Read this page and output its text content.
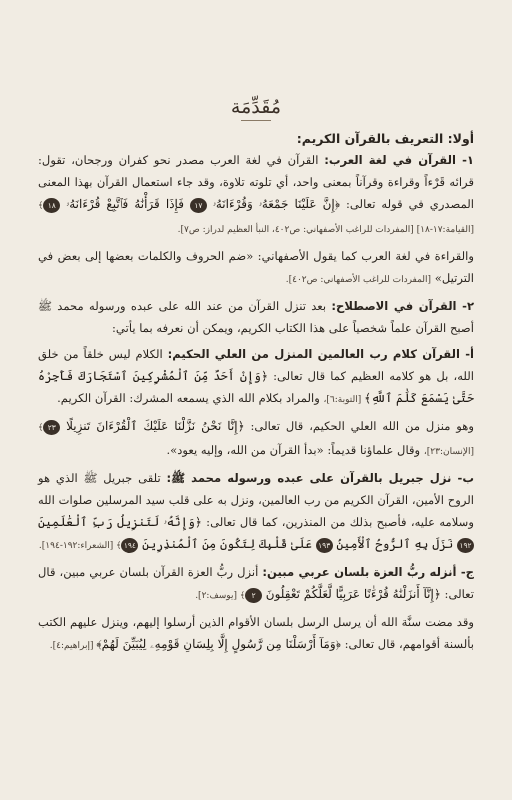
مُقَدِّمَة
أولا: التعريف بالقرآن الكريم:

١- القرآن في لغة العرب: القرآن في لغة العرب مصدر نحو كفران ورجحان، تقول: قرائه قَرْءاً وقراءة وقرآناً بمعنى واحد، أي تلوته تلاوة، وقد جاء استعمال القرآن بهذا المعنى المصدري في قوله تعالى: ﴿إِنَّ عَلَيْنَا جَمْعَهُۥ وَقُرْءَانَهُۥ ١٧ فَإِذَا قَرَأْنَٰهُ فَٱتَّبِعْ قُرْءَانَهُۥ ١٨﴾ [القيامة:١٧-١٨] [المفردات للراغب الأصفهاني: ص٤٠٢، النبأ العظيم لدراز: ص٧].

والقراءة في لغة العرب كما يقول الأصفهاني: «ضم الحروف والكلمات بعضها إلى بعض في الترتيل» [المفردات للراغب الأصفهاني: ص٤٠٢].

٢- القرآن في الاصطلاح: بعد تنزل القرآن من عند الله على عبده ورسوله محمد ﷺ أصبح القرآن علماً شخصياً على هذا الكتاب الكريم، ويمكن أن نعرفه بما يأتي:

أ- القرآن كلام رب العالمين المنزل من العلي الحكيم: الكلام ليس خلقاً من خلق الله، بل هو كلامه العظيم كما قال تعالى: ﴿وَإِنْ أَحَدٌ مِّنَ ٱلْمُشْرِكِينَ ٱسْتَجَارَكَ فَأَجِرْهُ حَتَّىٰ يَسْمَعَ كَلَٰمَ ٱللَّهِ﴾ [التوبة:٦]، والمراد بكلام الله الذي يسمعه المشرك: القرآن الكريم.

وهو منزل من الله العلي الحكيم، قال تعالى: ﴿إِنَّا نَحْنُ نَزَّلْنَا عَلَيْكَ ٱلْقُرْءَانَ تَنزِيلًا ٢٣﴾ [الإنسان:٢٣]، وقال علماؤنا قديماً: «بدأ القرآن من الله، وإليه يعود».

ب- نزل جبريل بالقرآن على عبده ورسوله محمد ﷺ: تلقى جبريل ﷺ الذي هو الروح الأمين، القرآن الكريم من رب العالمين، ونزل به على قلب سيد المرسلين صلوات الله وسلامه عليه، فأصبح بذلك من المنذرين، كما قال تعالى: ﴿وَإِنَّهُۥ لَتَنزِيلُ رَبِّ ٱلْعَٰلَمِينَ ١٩٢ نَزَلَ بِهِ ٱلرُّوحُ ٱلْأَمِينُ ١٩٣ عَلَىٰ قَلْبِكَ لِتَكُونَ مِنَ ٱلْمُنذِرِينَ ١٩٤﴾ [الشعراء:١٩٢-١٩٤].

ج- أنزله ربُّ العزة بلسان عربي مبين: أنزل ربُّ العزة القرآن بلسان عربي مبين، قال تعالى: ﴿إِنَّآ أَنزَلْنَٰهُ قُرْءَٰنًا عَرَبِيًّا لَّعَلَّكُمْ تَعْقِلُونَ ٢﴾ [يوسف:٢].

وقد مضت سنَّة الله أن يرسل الرسل بلسان الأقوام الذين أرسلوا إليهم، وينزل عليهم الكتب بألسنة أقوامهم، قال تعالى: ﴿وَمَآ أَرْسَلْنَا مِن رَّسُولٍ إِلَّا بِلِسَانِ قَوْمِهِۦ لِيُبَيِّنَ لَهُمْ﴾ [إبراهيم:٤].
